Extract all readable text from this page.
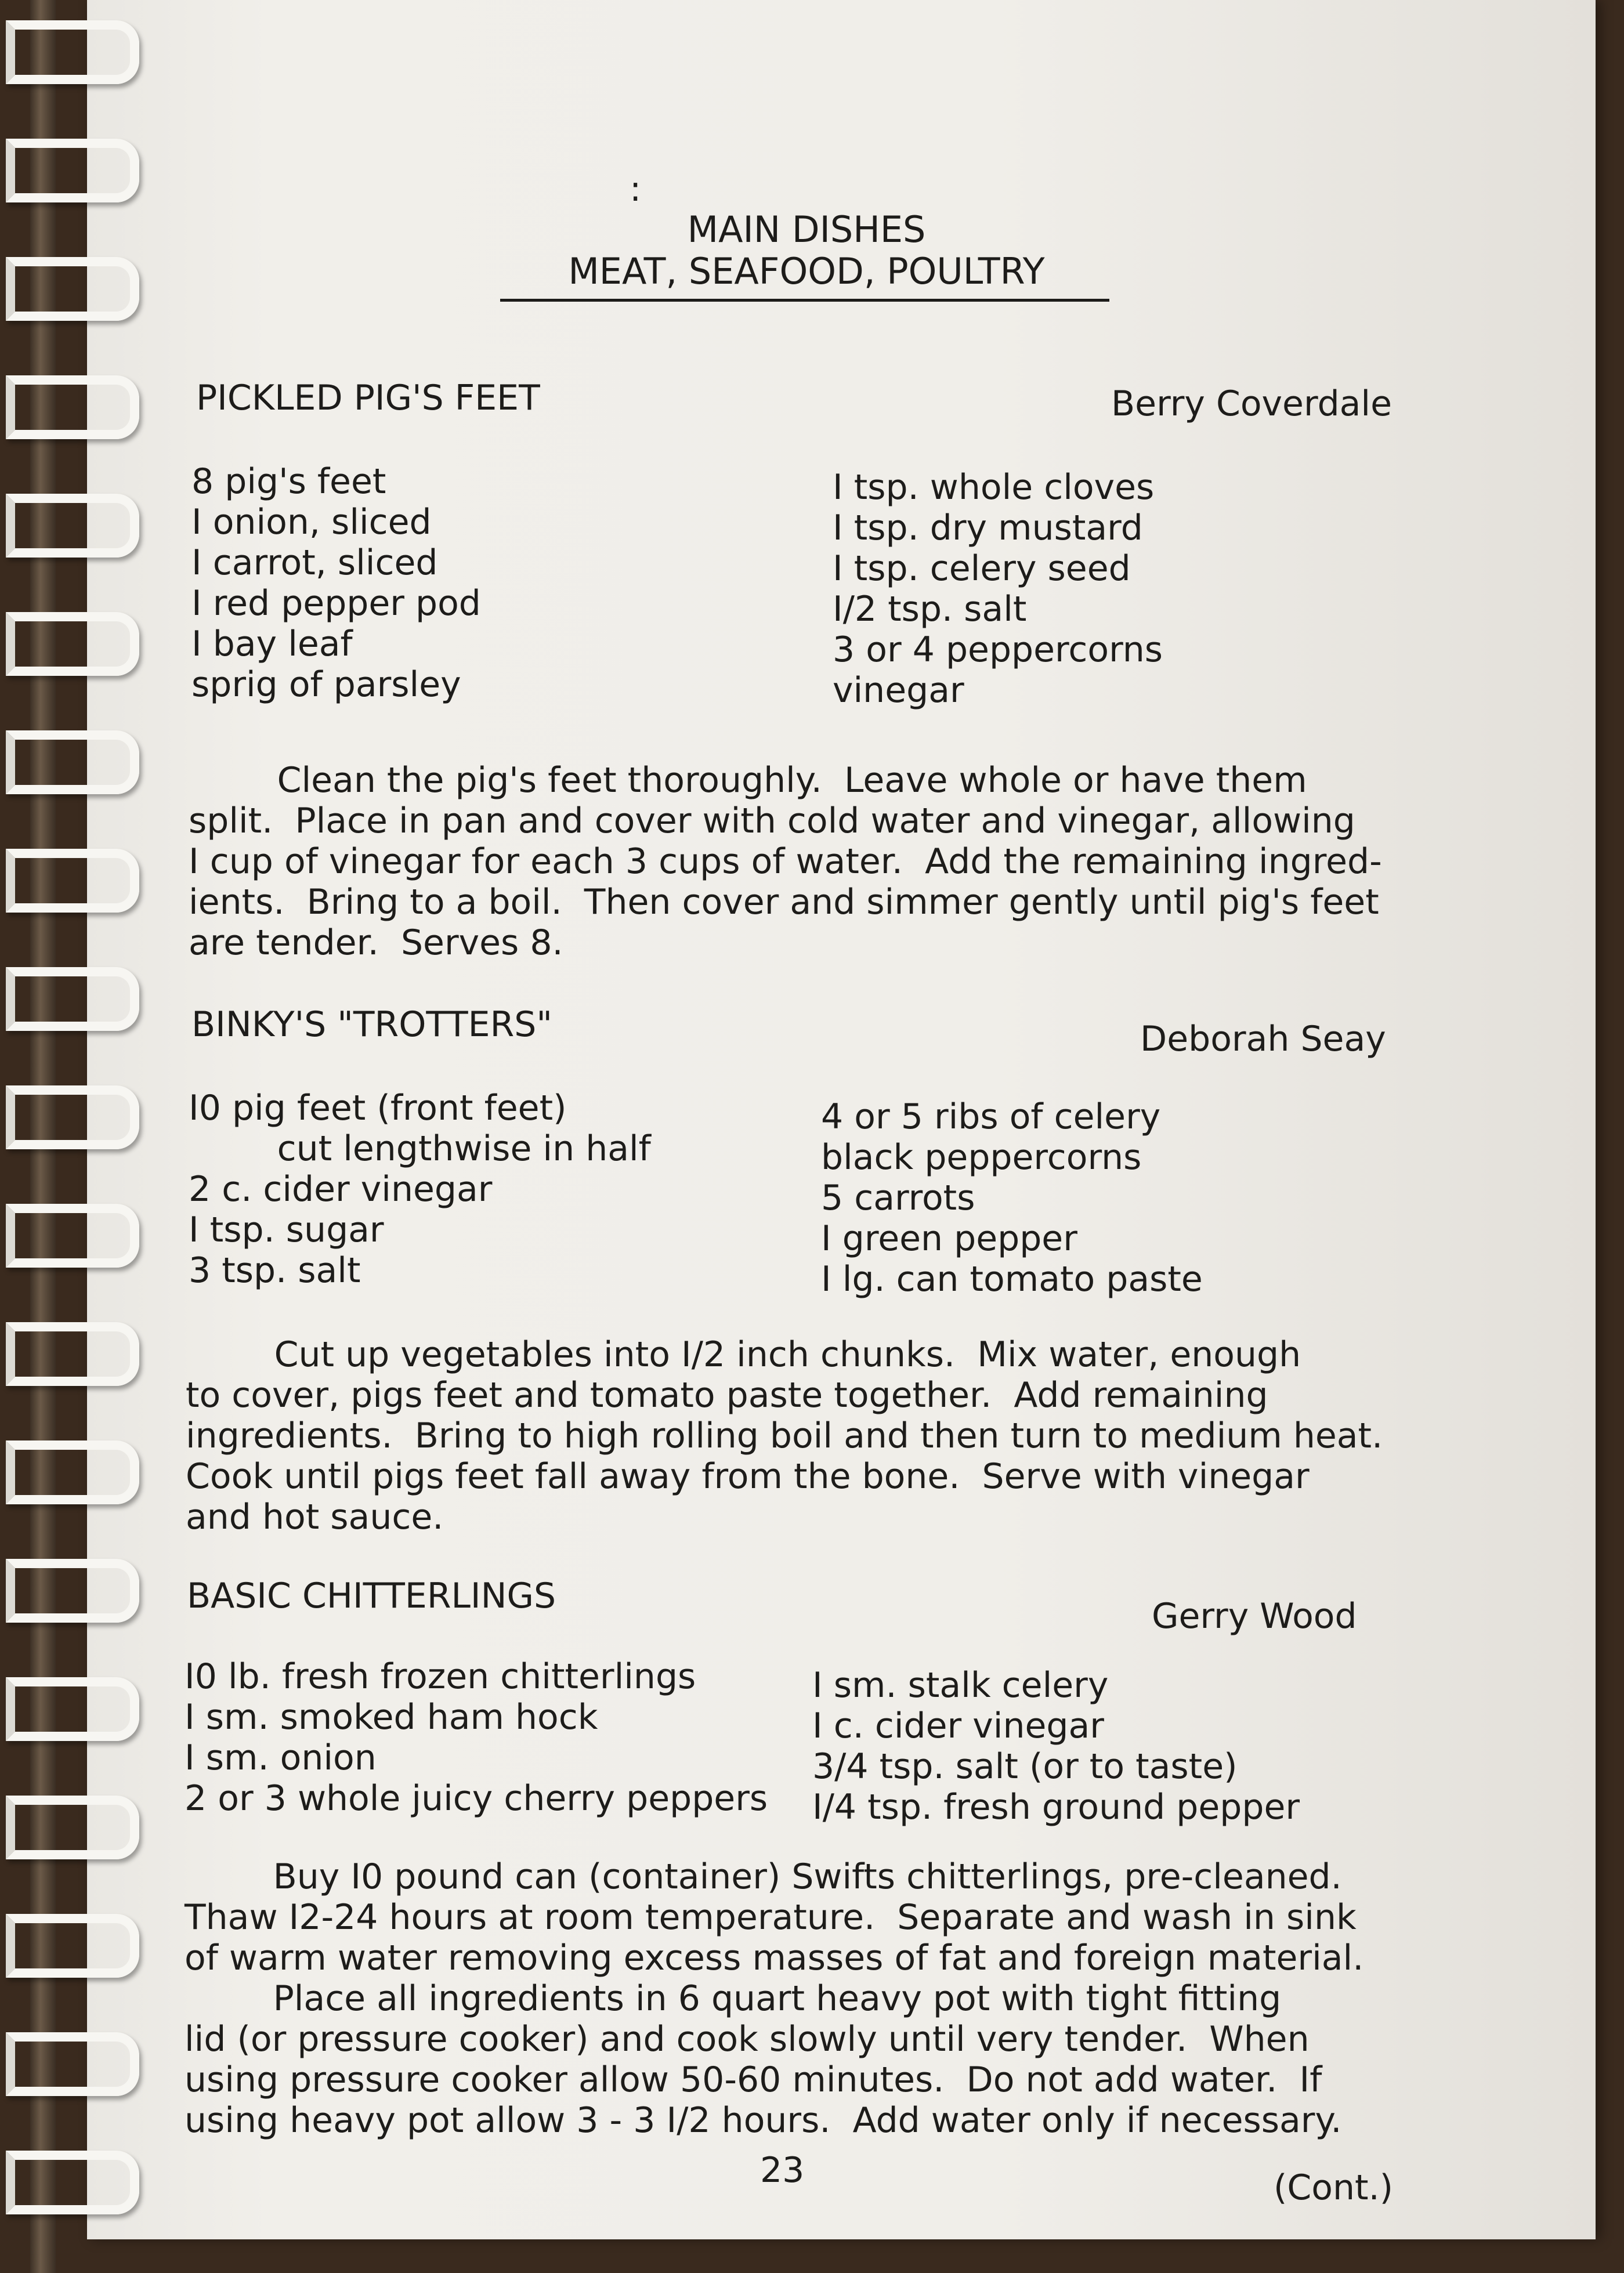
:
MAIN DISHES
MEAT, SEAFOOD, POULTRY
PICKLED PIG'S FEET	Berry Coverdale
8 pig's feet
I onion, sliced
I carrot, sliced
I red pepper pod
I bay leaf
sprig of parsley
I tsp. whole cloves
I tsp. dry mustard
I tsp. celery seed
I/2 tsp. salt
3 or 4 peppercorns
vinegar
Clean the pig's feet thoroughly.  Leave whole or have them
split.  Place in pan and cover with cold water and vinegar, allowing
I cup of vinegar for each 3 cups of water.  Add the remaining ingred-
ients.  Bring to a boil.  Then cover and simmer gently until pig's feet
are tender.  Serves 8.
BINKY'S "TROTTERS"	Deborah Seay
I0 pig feet (front feet)
cut lengthwise in half
2 c. cider vinegar
I tsp. sugar
3 tsp. salt
4 or 5 ribs of celery
black peppercorns
5 carrots
I green pepper
I lg. can tomato paste
Cut up vegetables into I/2 inch chunks.  Mix water, enough
to cover, pigs feet and tomato paste together.  Add remaining
ingredients.  Bring to high rolling boil and then turn to medium heat.
Cook until pigs feet fall away from the bone.  Serve with vinegar
and hot sauce.
BASIC CHITTERLINGS	Gerry Wood
I0 lb. fresh frozen chitterlings
I sm. smoked ham hock
I sm. onion
2 or 3 whole juicy cherry peppers
I sm. stalk celery
I c. cider vinegar
3/4 tsp. salt (or to taste)
I/4 tsp. fresh ground pepper
Buy I0 pound can (container) Swifts chitterlings, pre-cleaned.
Thaw I2-24 hours at room temperature.  Separate and wash in sink
of warm water removing excess masses of fat and foreign material.
Place all ingredients in 6 quart heavy pot with tight fitting
lid (or pressure cooker) and cook slowly until very tender.  When
using pressure cooker allow 50-60 minutes.  Do not add water.  If
using heavy pot allow 3 - 3 I/2 hours.  Add water only if necessary.
23	(Cont.)
